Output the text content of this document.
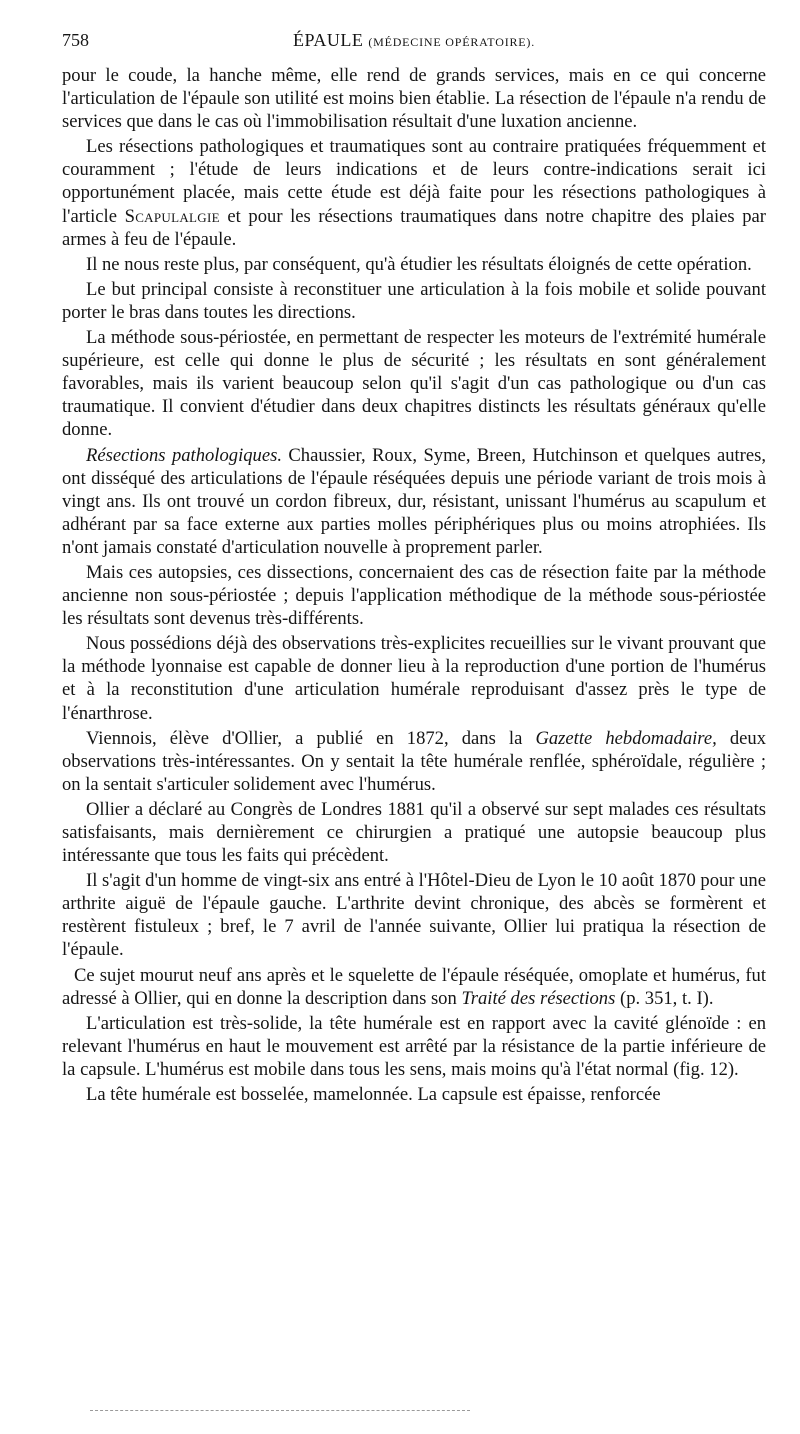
758	ÉPAULE (MÉDECINE OPÉRATOIRE).

pour le coude, la hanche même, elle rend de grands services, mais en ce qui concerne l'articulation de l'épaule son utilité est moins bien établie. La résection de l'épaule n'a rendu de services que dans le cas où l'immobilisation résultait d'une luxation ancienne.

Les résections pathologiques et traumatiques sont au contraire pratiquées fréquemment et couramment ; l'étude de leurs indications et de leurs contre-indications serait ici opportunément placée, mais cette étude est déjà faite pour les résections pathologiques à l'article Scapulalgie et pour les résections traumatiques dans notre chapitre des plaies par armes à feu de l'épaule.

Il ne nous reste plus, par conséquent, qu'à étudier les résultats éloignés de cette opération.

Le but principal consiste à reconstituer une articulation à la fois mobile et solide pouvant porter le bras dans toutes les directions.

La méthode sous-périostée, en permettant de respecter les moteurs de l'extrémité humérale supérieure, est celle qui donne le plus de sécurité ; les résultats en sont généralement favorables, mais ils varient beaucoup selon qu'il s'agit d'un cas pathologique ou d'un cas traumatique. Il convient d'étudier dans deux chapitres distincts les résultats généraux qu'elle donne.

Résections pathologiques. Chaussier, Roux, Syme, Breen, Hutchinson et quelques autres, ont disséqué des articulations de l'épaule réséquées depuis une période variant de trois mois à vingt ans. Ils ont trouvé un cordon fibreux, dur, résistant, unissant l'humérus au scapulum et adhérant par sa face externe aux parties molles périphériques plus ou moins atrophiées. Ils n'ont jamais constaté d'articulation nouvelle à proprement parler.

Mais ces autopsies, ces dissections, concernaient des cas de résection faite par la méthode ancienne non sous-périostée ; depuis l'application méthodique de la méthode sous-périostée les résultats sont devenus très-différents.

Nous possédions déjà des observations très-explicites recueillies sur le vivant prouvant que la méthode lyonnaise est capable de donner lieu à la reproduction d'une portion de l'humérus et à la reconstitution d'une articulation humérale reproduisant d'assez près le type de l'énarthrose.

Viennois, élève d'Ollier, a publié en 1872, dans la Gazette hebdomadaire, deux observations très-intéressantes. On y sentait la tête humérale renflée, sphéroïdale, régulière ; on la sentait s'articuler solidement avec l'humérus.

Ollier a déclaré au Congrès de Londres 1881 qu'il a observé sur sept malades ces résultats satisfaisants, mais dernièrement ce chirurgien a pratiqué une autopsie beaucoup plus intéressante que tous les faits qui précèdent.

Il s'agit d'un homme de vingt-six ans entré à l'Hôtel-Dieu de Lyon le 10 août 1870 pour une arthrite aiguë de l'épaule gauche. L'arthrite devint chronique, des abcès se formèrent et restèrent fistuleux ; bref, le 7 avril de l'année suivante, Ollier lui pratiqua la résection de l'épaule.

Ce sujet mourut neuf ans après et le squelette de l'épaule réséquée, omoplate et humérus, fut adressé à Ollier, qui en donne la description dans son Traité des résections (p. 351, t. I).

L'articulation est très-solide, la tête humérale est en rapport avec la cavité glénoïde : en relevant l'humérus en haut le mouvement est arrêté par la résistance de la partie inférieure de la capsule. L'humérus est mobile dans tous les sens, mais moins qu'à l'état normal (fig. 12).

La tête humérale est bosselée, mamelonnée. La capsule est épaisse, renforcée
